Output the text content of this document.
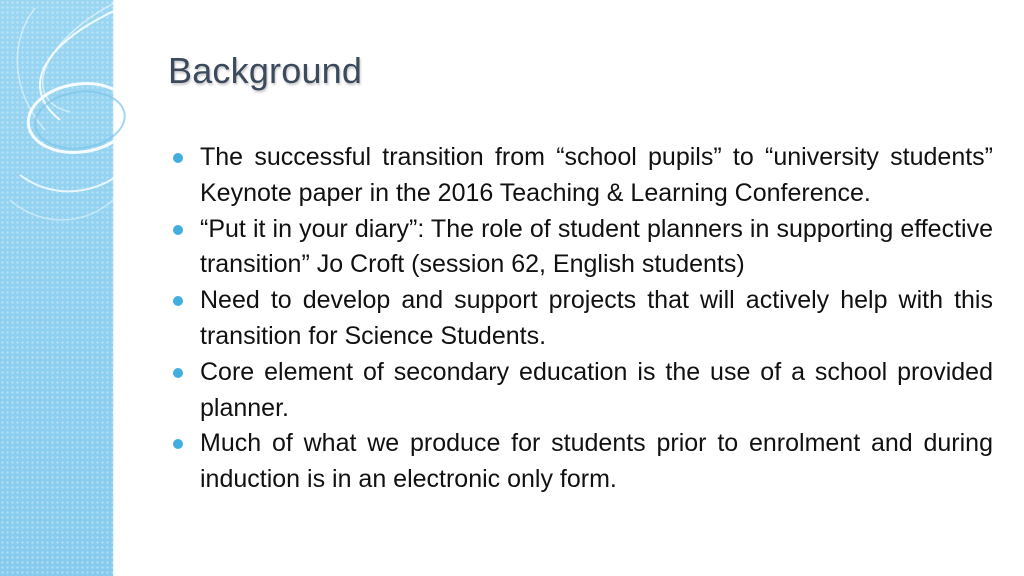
Background
The successful transition from “school pupils” to “university students” Keynote paper in the 2016 Teaching & Learning Conference.
“Put it in your diary”: The role of student planners in supporting effective transition” Jo Croft (session 62, English students)
Need to develop and support projects that will actively help with this transition for Science Students.
Core element of secondary education is the use of a school provided planner.
Much of what we produce for students prior to enrolment and during induction is in an electronic only form.
